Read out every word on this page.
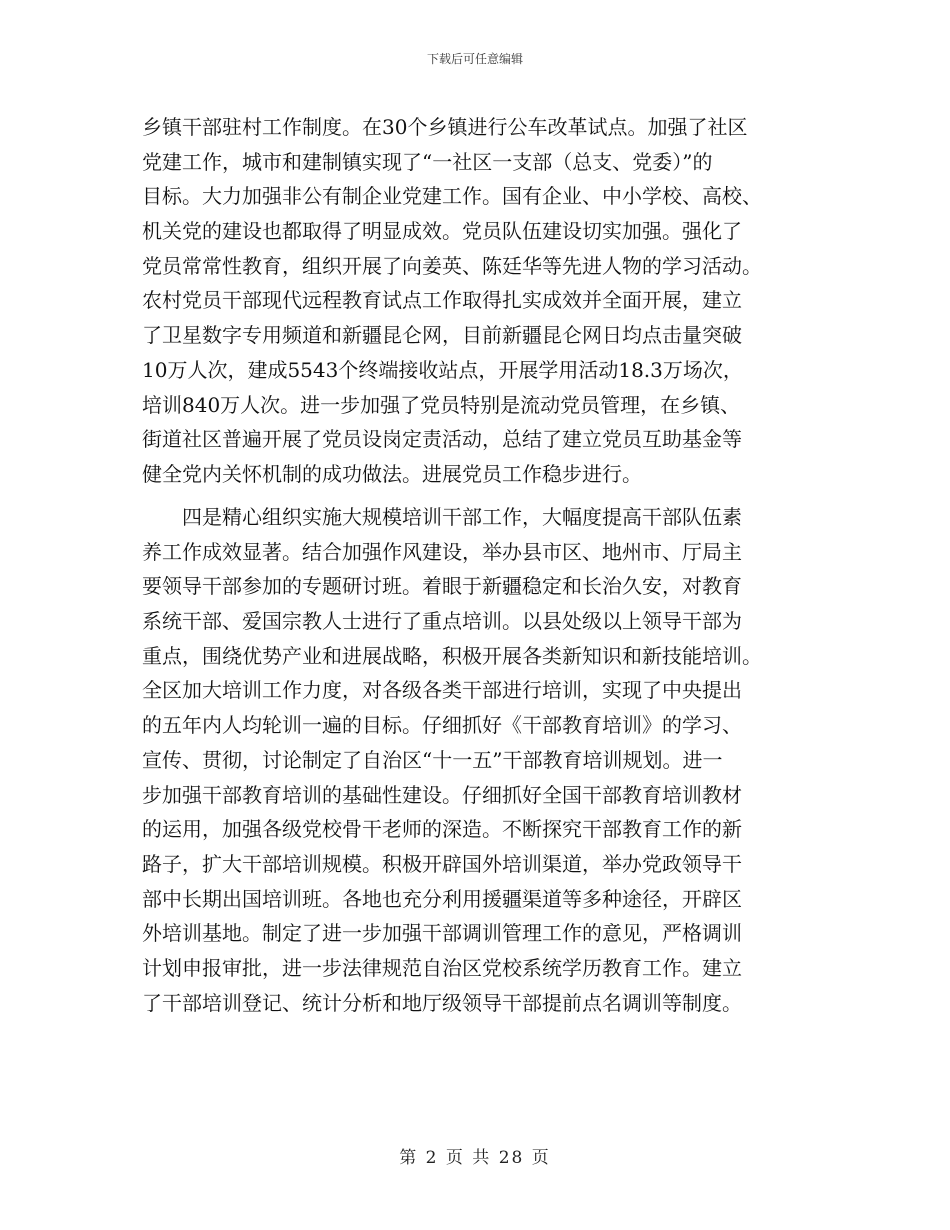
下载后可任意编辑
乡镇干部驻村工作制度。在30个乡镇进行公车改革试点。加强了社区
党建工作，城市和建制镇实现了“一社区一支部（总支、党委）”的
目标。大力加强非公有制企业党建工作。国有企业、中小学校、高校、
机关党的建设也都取得了明显成效。党员队伍建设切实加强。强化了
党员常常性教育，组织开展了向姜英、陈廷华等先进人物的学习活动。
农村党员干部现代远程教育试点工作取得扎实成效并全面开展，建立
了卫星数字专用频道和新疆昆仑网，目前新疆昆仑网日均点击量突破
10万人次，建成5543个终端接收站点，开展学用活动18.3万场次，
培训840万人次。进一步加强了党员特别是流动党员管理，在乡镇、
街道社区普遍开展了党员设岗定责活动，总结了建立党员互助基金等
健全党内关怀机制的成功做法。进展党员工作稳步进行。
　　四是精心组织实施大规模培训干部工作，大幅度提高干部队伍素
养工作成效显著。结合加强作风建设，举办县市区、地州市、厅局主
要领导干部参加的专题研讨班。着眼于新疆稳定和长治久安，对教育
系统干部、爱国宗教人士进行了重点培训。以县处级以上领导干部为
重点，围绕优势产业和进展战略，积极开展各类新知识和新技能培训。
全区加大培训工作力度，对各级各类干部进行培训，实现了中央提出
的五年内人均轮训一遍的目标。仔细抓好《干部教育培训》的学习、
宣传、贯彻，讨论制定了自治区“十一五”干部教育培训规划。进一
步加强干部教育培训的基础性建设。仔细抓好全国干部教育培训教材
的运用，加强各级党校骨干老师的深造。不断探究干部教育工作的新
路子，扩大干部培训规模。积极开辟国外培训渠道，举办党政领导干
部中长期出国培训班。各地也充分利用援疆渠道等多种途径，开辟区
外培训基地。制定了进一步加强干部调训管理工作的意见，严格调训
计划申报审批，进一步法律规范自治区党校系统学历教育工作。建立
了干部培训登记、统计分析和地厅级领导干部提前点名调训等制度。
第 2 页 共 28 页
